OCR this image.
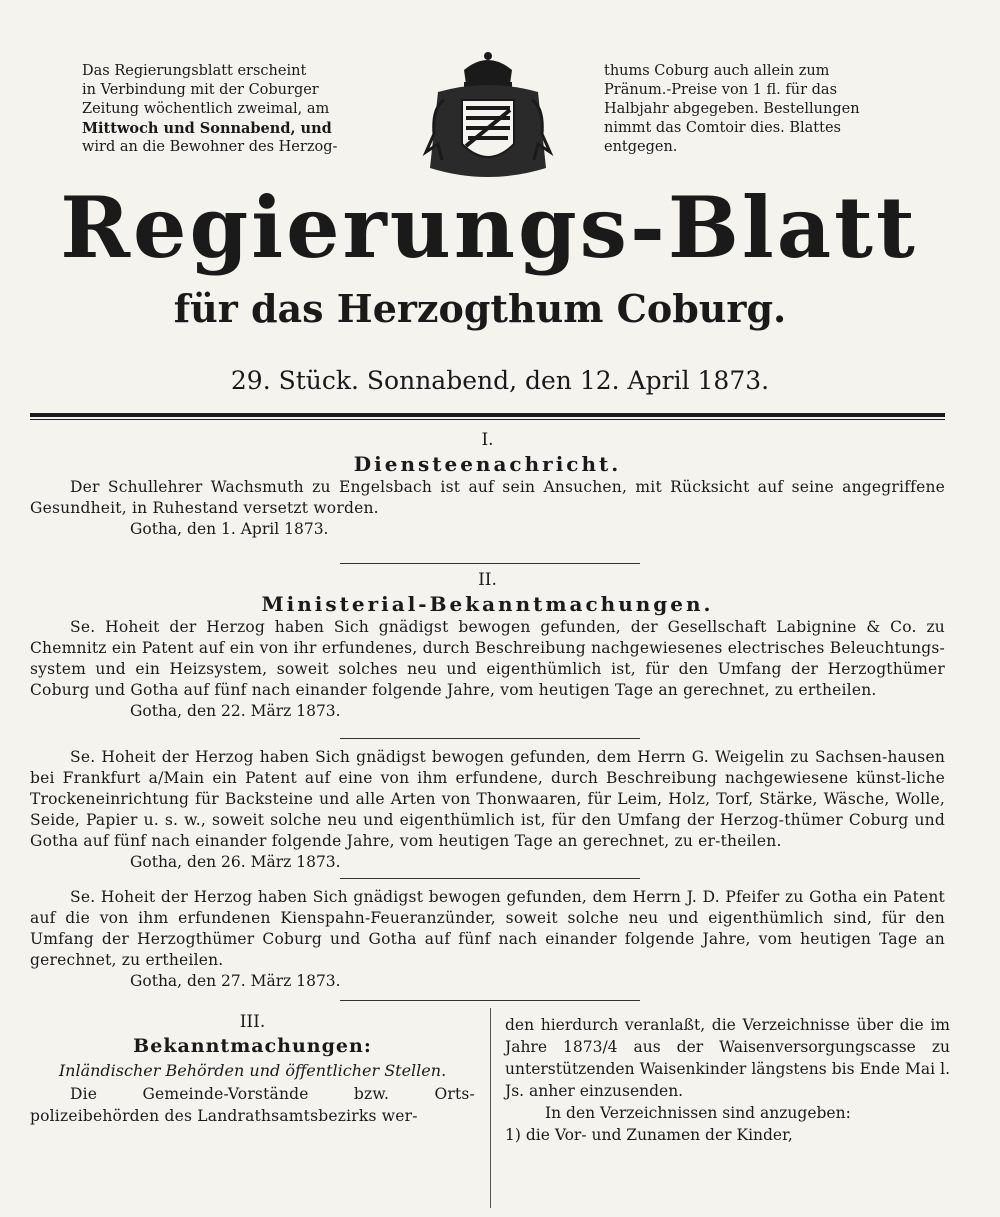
Das Regierungsblatt erscheint
in Verbindung mit der Coburger
Zeitung wöchentlich zweimal, am
Mittwoch und Sonnabend, und
wird an die Bewohner des Herzog-
thums Coburg auch allein zum
Pränum.-Preise von 1 fl. für das
Halbjahr abgegeben. Bestellungen
nimmt das Comtoir dies. Blattes
entgegen.
Regierungs-Blatt
für das Herzogthum Coburg.
29. Stück. Sonnabend, den 12. April 1873.
I.
Diensteenachricht.
Der Schullehrer Wachsmuth zu Engelsbach ist auf sein Ansuchen, mit Rücksicht auf seine angegriffene Gesundheit, in Ruhestand versetzt worden.
Gotha, den 1. April 1873.
II.
Ministerial-Bekanntmachungen.
Se. Hoheit der Herzog haben Sich gnädigst bewogen gefunden, der Gesellschaft Labignine & Co. zu Chemnitz ein Patent auf ein von ihr erfundenes, durch Beschreibung nachgewiesenes electrisches Beleuchtungs-system und ein Heizsystem, soweit solches neu und eigenthümlich ist, für den Umfang der Herzogthümer Coburg und Gotha auf fünf nach einander folgende Jahre, vom heutigen Tage an gerechnet, zu ertheilen.
Gotha, den 22. März 1873.
Se. Hoheit der Herzog haben Sich gnädigst bewogen gefunden, dem Herrn G. Weigelin zu Sachsen-hausen bei Frankfurt a/Main ein Patent auf eine von ihm erfundene, durch Beschreibung nachgewiesene künst-liche Trockeneinrichtung für Backsteine und alle Arten von Thonwaaren, für Leim, Holz, Torf, Stärke, Wäsche, Wolle, Seide, Papier u. s. w., soweit solche neu und eigenthümlich ist, für den Umfang der Herzog-thümer Coburg und Gotha auf fünf nach einander folgende Jahre, vom heutigen Tage an gerechnet, zu er-theilen.
Gotha, den 26. März 1873.
Se. Hoheit der Herzog haben Sich gnädigst bewogen gefunden, dem Herrn J. D. Pfeifer zu Gotha ein Patent auf die von ihm erfundenen Kienspahn-Feueranzünder, soweit solche neu und eigenthümlich sind, für den Umfang der Herzogthümer Coburg und Gotha auf fünf nach einander folgende Jahre, vom heutigen Tage an gerechnet, zu ertheilen.
Gotha, den 27. März 1873.
III.
Bekanntmachungen:
Inländischer Behörden und öffentlicher Stellen.
Die Gemeinde-Vorstände bzw. Orts-polizeibehörden des Landrathsamtsbezirks wer-
den hierdurch veranlaßt, die Verzeichnisse über die im Jahre 1873/4 aus der Waisenversorgungscasse zu unterstützenden Waisenkinder längstens bis Ende Mai l. Js. anher einzusenden.
In den Verzeichnissen sind anzugeben:
1) die Vor- und Zunamen der Kinder,
